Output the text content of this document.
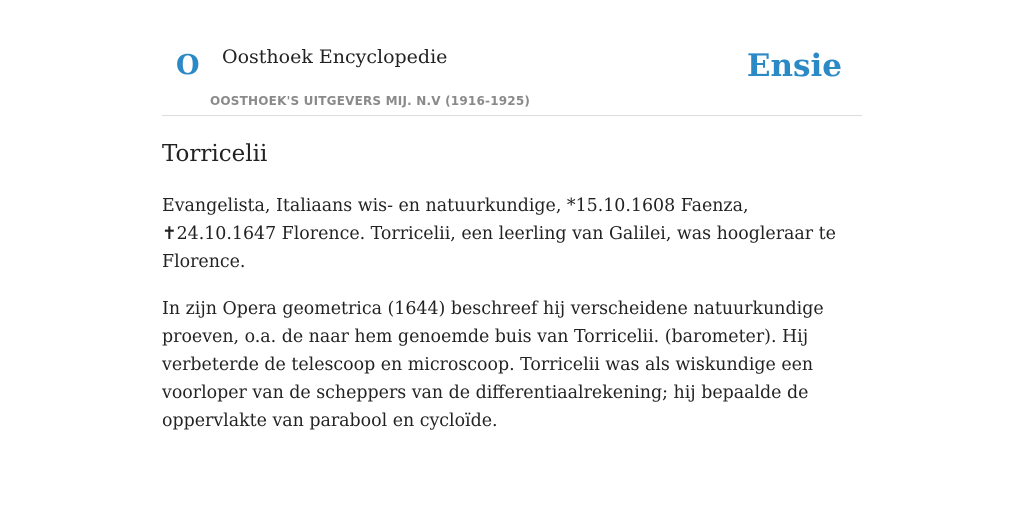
O Oosthoek Encyclopedie
OOSTHOEK'S UITGEVERS MIJ. N.V (1916-1925)
Ensie
Torricelii

Evangelista, Italiaans wis- en natuurkundige, *15.10.1608 Faenza, ✝24.10.1647 Florence. Torricelii, een leerling van Galilei, was hoogleraar te Florence.

In zijn Opera geometrica (1644) beschreef hij verscheidene natuurkundige proeven, o.a. de naar hem genoemde buis van Torricelii. (barometer). Hij verbeterde de telescoop en microscoop. Torricelii was als wiskundige een voorloper van de scheppers van de differentiaalrekening; hij bepaalde de oppervlakte van parabool en cycloïde.
